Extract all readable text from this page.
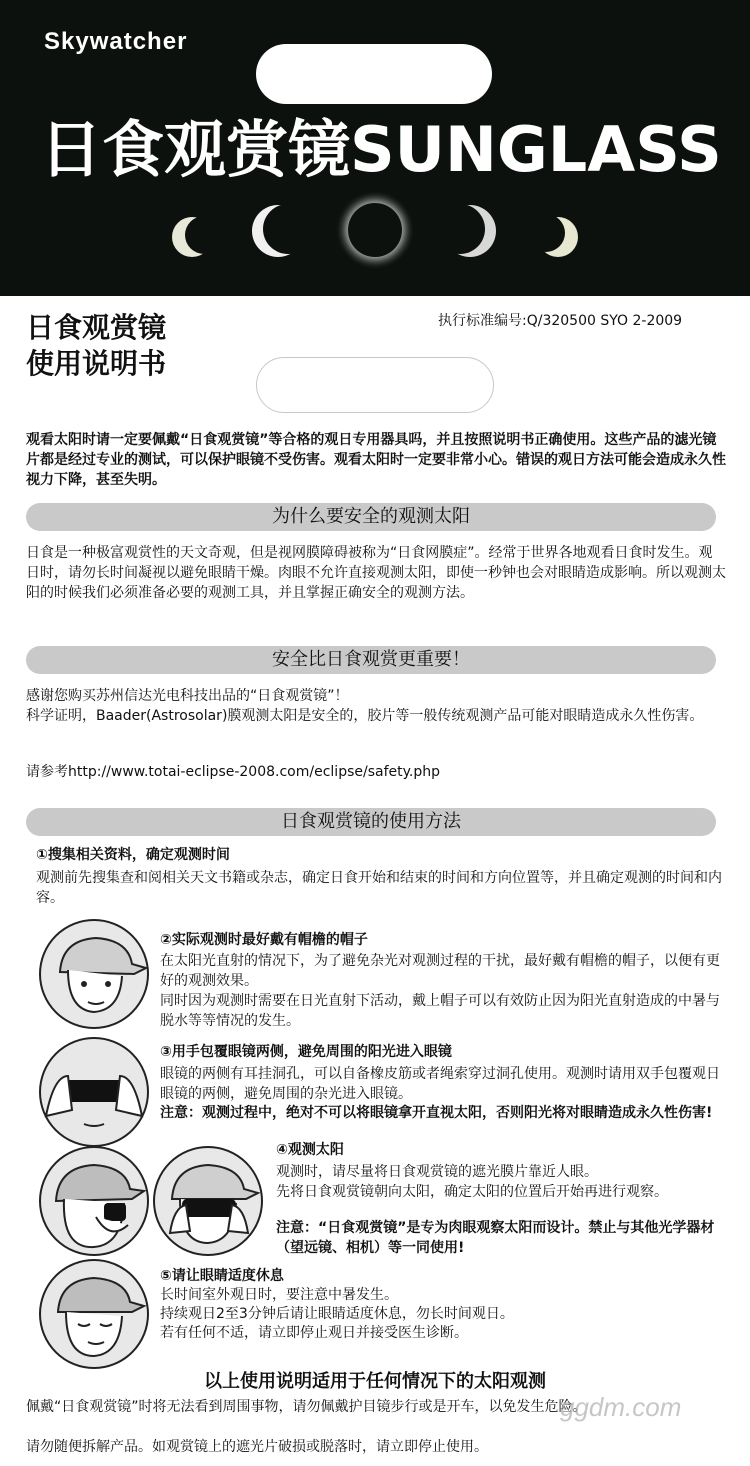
Skywatcher
日食观赏镜SUNGLASS
日食观赏镜
使用说明书
执行标准编号:Q/320500 SYO 2-2009
观看太阳时请一定要佩戴“日食观赏镜”等合格的观日专用器具吗，并且按照说明书正确使用。这些产品的滤光镜片都是经过专业的测试，可以保护眼镜不受伤害。观看太阳时一定要非常小心。错误的观日方法可能会造成永久性视力下降，甚至失明。
为什么要安全的观测太阳
日食是一种极富观赏性的天文奇观，但是视网膜障碍被称为“日食网膜症”。经常于世界各地观看日食时发生。观日时，请勿长时间凝视以避免眼睛干燥。肉眼不允许直接观测太阳，即使一秒钟也会对眼睛造成影响。所以观测太阳的时候我们必须准备必要的观测工具，并且掌握正确安全的观测方法。
安全比日食观赏更重要！
感谢您购买苏州信达光电科技出品的“日食观赏镜”！
科学证明，Baader(Astrosolar)膜观测太阳是安全的，胶片等一般传统观测产品可能对眼睛造成永久性伤害。
请参考http://www.totai-eclipse-2008.com/eclipse/safety.php
日食观赏镜的使用方法
①搜集相关资料，确定观测时间
观测前先搜集查和阅相关天文书籍或杂志，确定日食开始和结束的时间和方向位置等，并且确定观测的时间和内容。
②实际观测时最好戴有帽檐的帽子
在太阳光直射的情况下，为了避免杂光对观测过程的干扰，最好戴有帽檐的帽子，以便有更好的观测效果。
同时因为观测时需要在日光直射下活动，戴上帽子可以有效防止因为阳光直射造成的中暑与脱水等等情况的发生。
③用手包覆眼镜两侧，避免周围的阳光进入眼镜
眼镜的两侧有耳挂洞孔，可以自备橡皮筋或者绳索穿过洞孔使用。观测时请用双手包覆观日眼镜的两侧，避免周围的杂光进入眼镜。
注意：观测过程中，绝对不可以将眼镜拿开直视太阳，否则阳光将对眼睛造成永久性伤害!
④观测太阳
观测时，请尽量将日食观赏镜的遮光膜片靠近人眼。
先将日食观赏镜朝向太阳，确定太阳的位置后开始再进行观察。
注意：“日食观赏镜”是专为肉眼观察太阳而设计。禁止与其他光学器材（望远镜、相机）等一同使用!
⑤请让眼睛适度休息
长时间室外观日时，要注意中暑发生。
持续观日2至3分钟后请让眼睛适度休息，勿长时间观日。
若有任何不适，请立即停止观日并接受医生诊断。
以上使用说明适用于任何情况下的太阳观测
佩戴“日食观赏镜”时将无法看到周围事物，请勿佩戴护目镜步行或是开车，以免发生危险。
请勿随便拆解产品。如观赏镜上的遮光片破损或脱落时，请立即停止使用。
ggdm.com
